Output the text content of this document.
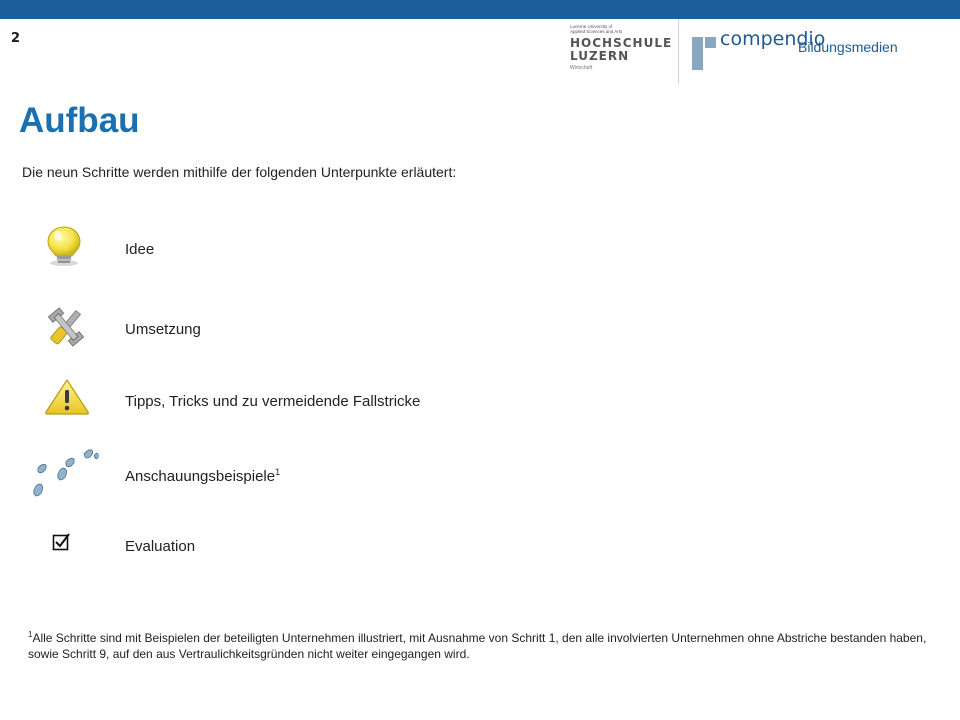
2
Lucerne University of
Applied Sciences and Arts
HOCHSCHULE
LUZERN
Wirtschaft
compendio
Bildungsmedien
Aufbau
Die neun Schritte werden mithilfe der folgenden Unterpunkte erläutert:
Idee
Umsetzung
Tipps, Tricks und zu vermeidende Fallstricke
Anschauungsbeispiele$^1$
Evaluation
$^1$Alle Schritte sind mit Beispielen der beteiligten Unternehmen illustriert, mit Ausnahme von Schritt 1, den alle involvierten Unternehmen ohne Abstriche bestanden haben, sowie Schritt 9, auf den aus Vertraulichkeitsgründen nicht weiter eingegangen wird.
